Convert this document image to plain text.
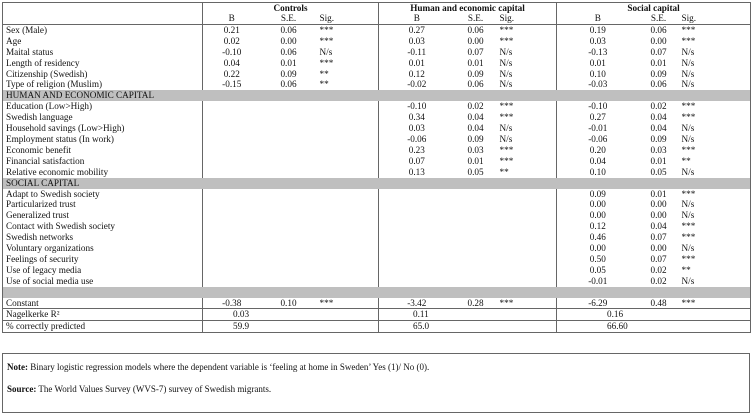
	Controls			Human and economic capital			Social capital		
	B	S.E.	Sig.	B	S.E.	Sig.	B	S.E.	Sig.
Sex (Male)	0.21	0.06	***	0.27	0.06	***	0.19	0.06	***
Age	0.02	0.00	***	0.03	0.00	***	0.03	0.00	***
Maital status	-0.10	0.06	N/s	-0.11	0.07	N/s	-0.13	0.07	N/s
Length of residency	0.04	0.01	***	0.01	0.01	N/s	0.01	0.01	N/s
Citizenship (Swedish)	0.22	0.09	**	0.12	0.09	N/s	0.10	0.09	N/s
Type of religion (Muslim)	-0.15	0.06	**	-0.02	0.06	N/s	-0.03	0.06	N/s
HUMAN AND ECONOMIC CAPITAL									
Education (Low>High)				-0.10	0.02	***	-0.10	0.02	***
Swedish language				0.34	0.04	***	0.27	0.04	***
Household savings (Low>High)				0.03	0.04	N/s	-0.01	0.04	N/s
Employment status (In work)				-0.06	0.09	N/s	-0.06	0.09	N/s
Economic benefit				0.23	0.03	***	0.20	0.03	***
Financial satisfaction				0.07	0.01	***	0.04	0.01	**
Relative economic mobility				0.13	0.05	**	0.10	0.05	N/s
SOCIAL CAPITAL									
Adapt to Swedish society							0.09	0.01	***
Particularized trust							0.00	0.00	N/s
Generalized trust							0.00	0.00	N/s
Contact with Swedish society							0.12	0.04	***
Swedish networks							0.46	0.07	***
Voluntary organizations							0.00	0.00	N/s
Feelings of security							0.50	0.07	***
Use of legacy media							0.05	0.02	**
Use of social media use							-0.01	0.02	N/s

Constant	-0.38	0.10	***	-3.42	0.28	***	-6.29	0.48	***
Nagelkerke R²	0.03			0.11			0.16		
% correctly predicted	59.9			65.0			66.60		
Note: Binary logistic regression models where the dependent variable is ‘feeling at home in Sweden’ Yes (1)/ No (0).
Source: The World Values Survey (WVS-7) survey of Swedish migrants.
